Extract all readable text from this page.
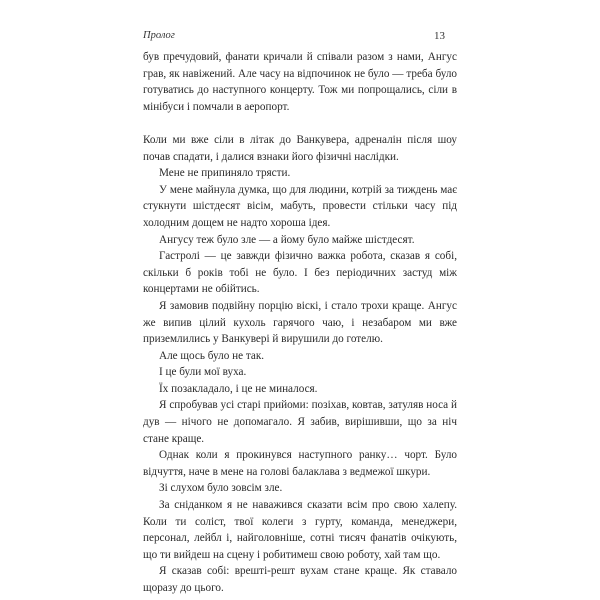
Пролог	13

був пречудовий, фанати кричали й співали разом з нами, Ангус грав, як навіжений. Але часу на відпочинок не було — треба було готуватись до наступного концерту. Тож ми попрощались, сіли в мінібуси і помчали в аеропорт.

Коли ми вже сіли в літак до Ванкувера, адреналін після шоу почав спадати, і далися взнаки його фізичні наслідки.

Мене не припиняло трясти.

У мене майнула думка, що для людини, котрій за тиждень має стукнути шістдесят вісім, мабуть, провести стільки часу під холодним дощем не надто хороша ідея.

Ангусу теж було зле — а йому було майже шістдесят.

Гастролі — це завжди фізично важка робота, сказав я собі, скільки б років тобі не було. І без періодичних застуд між концертами не обійтись.

Я замовив подвійну порцію віскі, і стало трохи краще. Ангус же випив цілий кухоль гарячого чаю, і незабаром ми вже приземлились у Ванкувері й вирушили до готелю.

Але щось було не так.

І це були мої вуха.

Їх позакладало, і це не миналося.

Я спробував усі старі прийоми: позіхав, ковтав, затуляв носа й дув — нічого не допомагало. Я забив, вирішивши, що за ніч стане краще.

Однак коли я прокинувся наступного ранку… чорт. Було відчуття, наче в мене на голові балаклава з ведмежої шкури.

Зі слухом було зовсім зле.

За сніданком я не наважився сказати всім про свою халепу. Коли ти соліст, твої колеги з гурту, команда, менеджери, персонал, лейбл і, найголовніше, сотні тисяч фанатів очікують, що ти вийдеш на сцену і робитимеш свою роботу, хай там що.

Я сказав собі: врешті-решт вухам стане краще. Як ставало щоразу до цього.
